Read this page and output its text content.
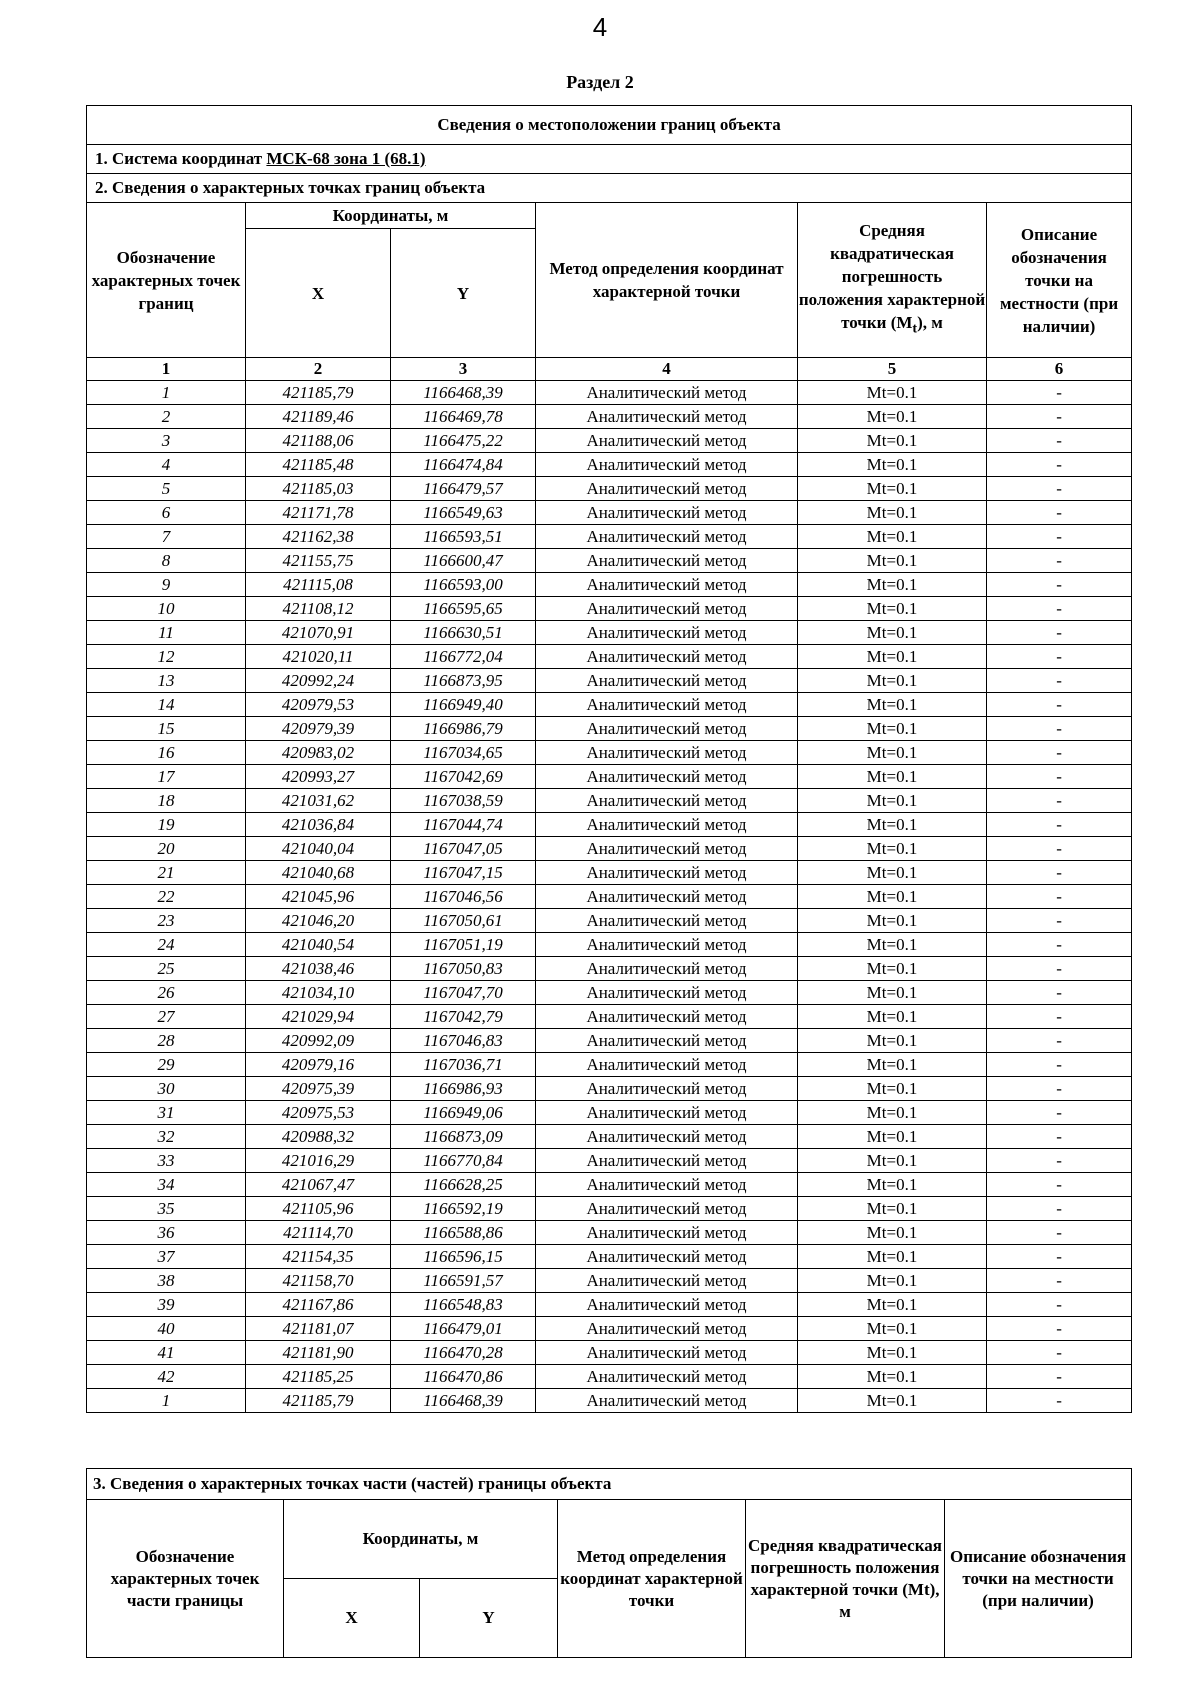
4
Раздел 2
Сведения о местоположении границ объекта					
1. Система координат МСК-68 зона 1 (68.1)					
2. Сведения о характерных точках границ объекта					
Обозначение характерных точек границ	Координаты, м		Метод определения координат характерной точки	Средняя квадратическая погрешность положения характерной точки $(M_t)$, м	Описание обозначения точки на местности (при наличии)
	X	Y			
1	2	3	4	5	6
1	421185,79	1166468,39	Аналитический метод	Mt=0.1	-
2	421189,46	1166469,78	Аналитический метод	Mt=0.1	-
3	421188,06	1166475,22	Аналитический метод	Mt=0.1	-
4	421185,48	1166474,84	Аналитический метод	Mt=0.1	-
5	421185,03	1166479,57	Аналитический метод	Mt=0.1	-
6	421171,78	1166549,63	Аналитический метод	Mt=0.1	-
7	421162,38	1166593,51	Аналитический метод	Mt=0.1	-
8	421155,75	1166600,47	Аналитический метод	Mt=0.1	-
9	421115,08	1166593,00	Аналитический метод	Mt=0.1	-
10	421108,12	1166595,65	Аналитический метод	Mt=0.1	-
11	421070,91	1166630,51	Аналитический метод	Mt=0.1	-
12	421020,11	1166772,04	Аналитический метод	Mt=0.1	-
13	420992,24	1166873,95	Аналитический метод	Mt=0.1	-
14	420979,53	1166949,40	Аналитический метод	Mt=0.1	-
15	420979,39	1166986,79	Аналитический метод	Mt=0.1	-
16	420983,02	1167034,65	Аналитический метод	Mt=0.1	-
17	420993,27	1167042,69	Аналитический метод	Mt=0.1	-
18	421031,62	1167038,59	Аналитический метод	Mt=0.1	-
19	421036,84	1167044,74	Аналитический метод	Mt=0.1	-
20	421040,04	1167047,05	Аналитический метод	Mt=0.1	-
21	421040,68	1167047,15	Аналитический метод	Mt=0.1	-
22	421045,96	1167046,56	Аналитический метод	Mt=0.1	-
23	421046,20	1167050,61	Аналитический метод	Mt=0.1	-
24	421040,54	1167051,19	Аналитический метод	Mt=0.1	-
25	421038,46	1167050,83	Аналитический метод	Mt=0.1	-
26	421034,10	1167047,70	Аналитический метод	Mt=0.1	-
27	421029,94	1167042,79	Аналитический метод	Mt=0.1	-
28	420992,09	1167046,83	Аналитический метод	Mt=0.1	-
29	420979,16	1167036,71	Аналитический метод	Mt=0.1	-
30	420975,39	1166986,93	Аналитический метод	Mt=0.1	-
31	420975,53	1166949,06	Аналитический метод	Mt=0.1	-
32	420988,32	1166873,09	Аналитический метод	Mt=0.1	-
33	421016,29	1166770,84	Аналитический метод	Mt=0.1	-
34	421067,47	1166628,25	Аналитический метод	Mt=0.1	-
35	421105,96	1166592,19	Аналитический метод	Mt=0.1	-
36	421114,70	1166588,86	Аналитический метод	Mt=0.1	-
37	421154,35	1166596,15	Аналитический метод	Mt=0.1	-
38	421158,70	1166591,57	Аналитический метод	Mt=0.1	-
39	421167,86	1166548,83	Аналитический метод	Mt=0.1	-
40	421181,07	1166479,01	Аналитический метод	Mt=0.1	-
41	421181,90	1166470,28	Аналитический метод	Mt=0.1	-
42	421185,25	1166470,86	Аналитический метод	Mt=0.1	-
1	421185,79	1166468,39	Аналитический метод	Mt=0.1	-
3. Сведения о характерных точках части (частей) границы объекта					
Обозначение характерных точек части границы	Координаты, м		Метод определения координат характерной точки	Средняя квадратическая погрешность положения характерной точки (Mt), м	Описание обозначения точки на местности (при наличии)
	X	Y			
